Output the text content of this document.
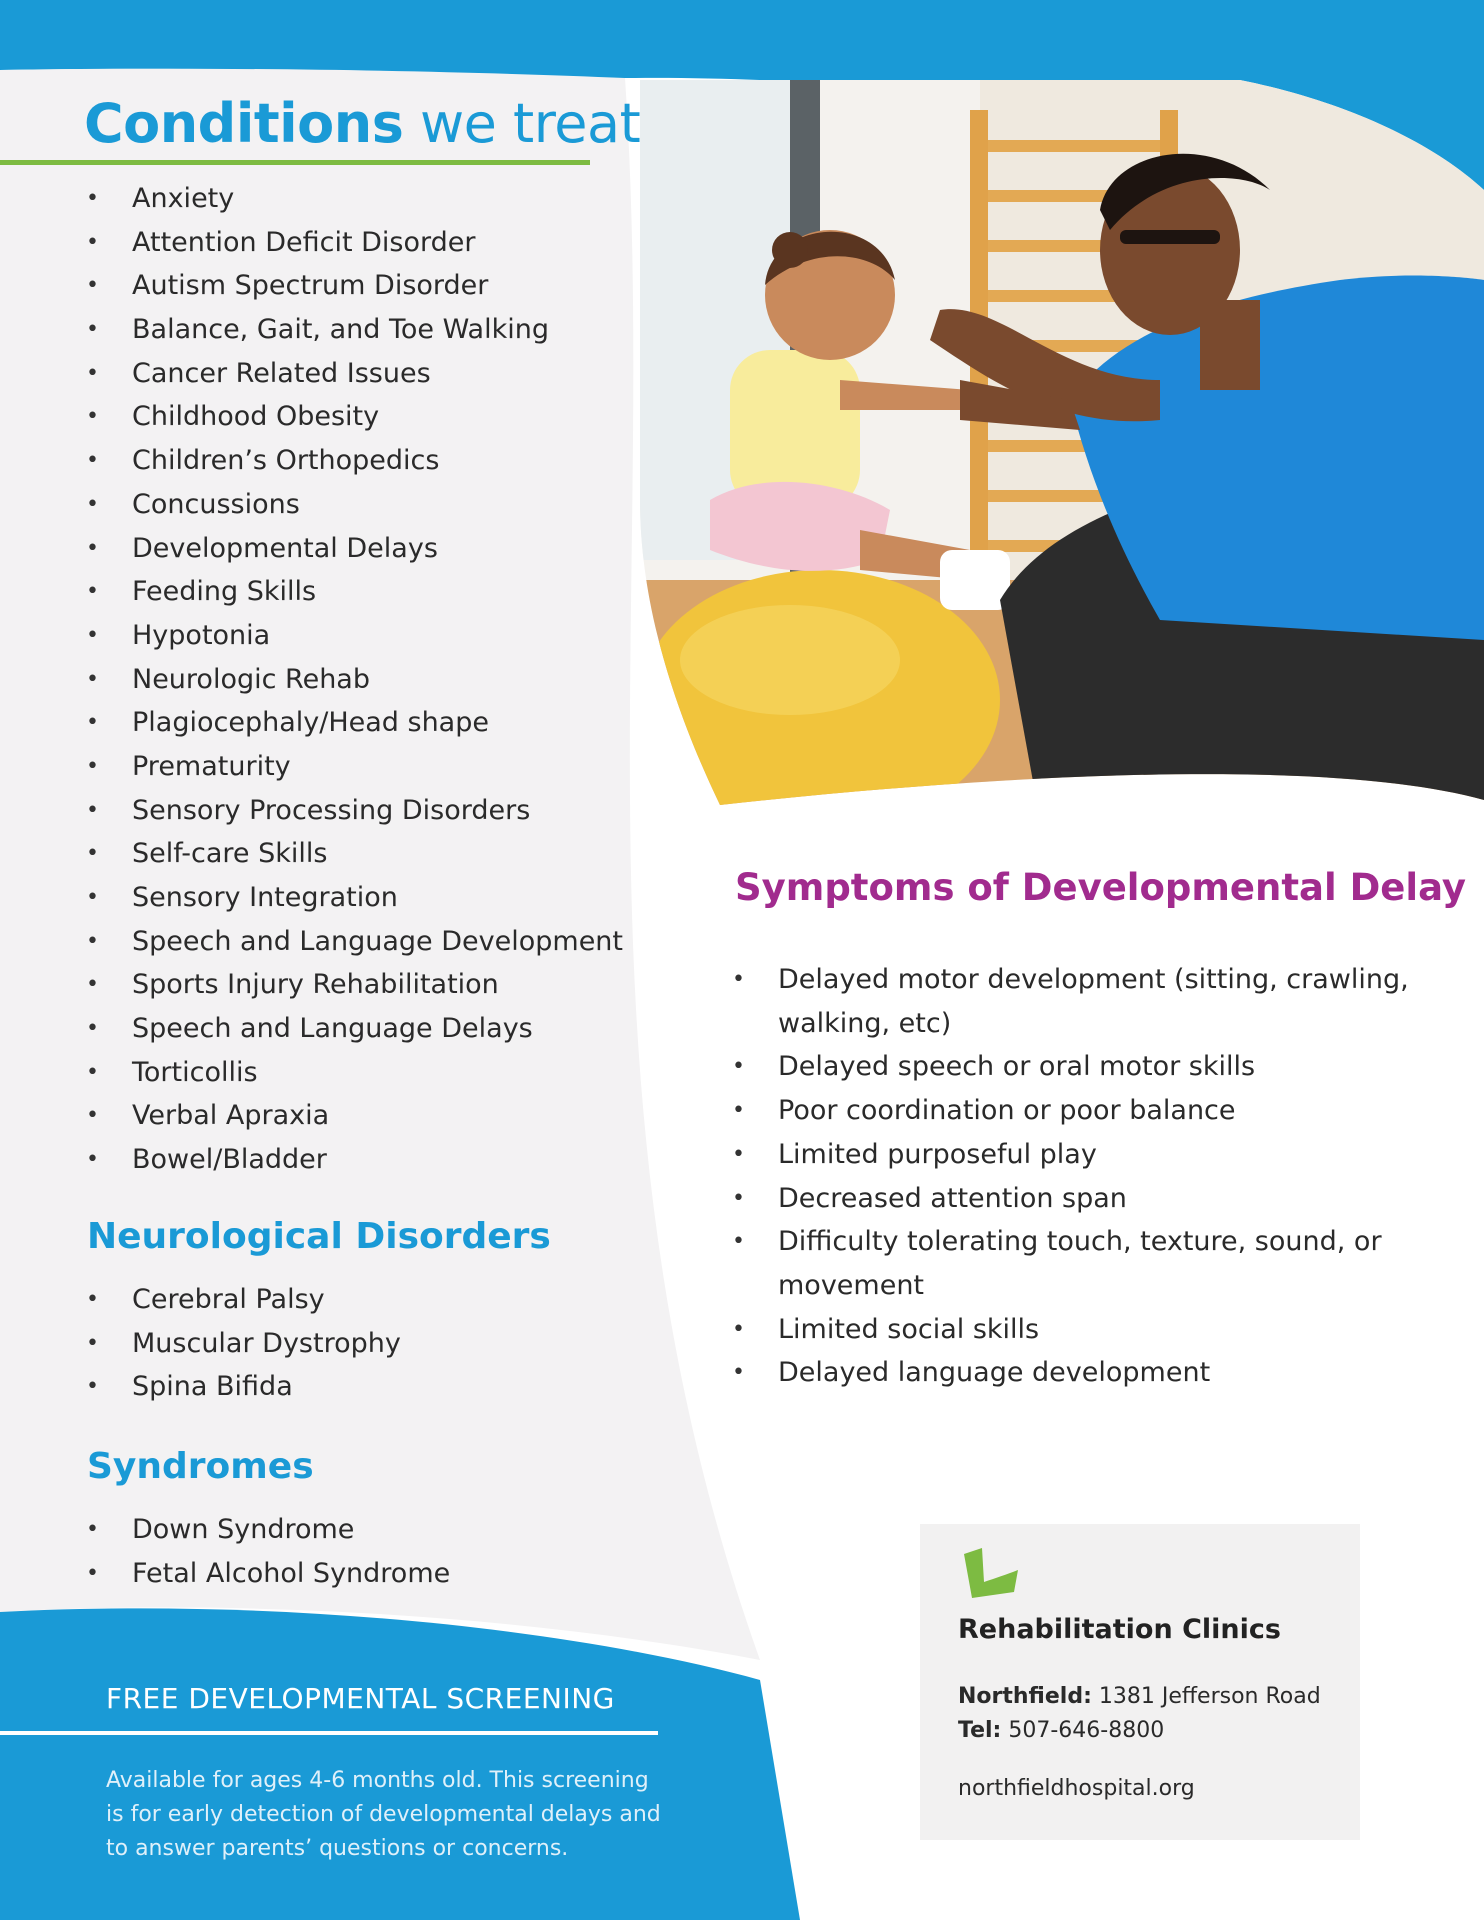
Conditions we treat
• Anxiety
• Attention Deficit Disorder
• Autism Spectrum Disorder
• Balance, Gait, and Toe Walking
• Cancer Related Issues
• Childhood Obesity
• Children’s Orthopedics
• Concussions
• Developmental Delays
• Feeding Skills
• Hypotonia
• Neurologic Rehab
• Plagiocephaly/Head shape
• Prematurity
• Sensory Processing Disorders
• Self-care Skills
• Sensory Integration
• Speech and Language Development
• Sports Injury Rehabilitation
• Speech and Language Delays
• Torticollis
• Verbal Apraxia
• Bowel/Bladder
Neurological Disorders
• Cerebral Palsy
• Muscular Dystrophy
• Spina Bifida
Syndromes
• Down Syndrome
• Fetal Alcohol Syndrome
Symptoms of Developmental Delay
• Delayed motor development (sitting, crawling, walking, etc)
• Delayed speech or oral motor skills
• Poor coordination or poor balance
• Limited purposeful play
• Decreased attention span
• Difficulty tolerating touch, texture, sound, or movement
• Limited social skills
• Delayed language development
FREE DEVELOPMENTAL SCREENING

Available for ages 4-6 months old. This screening is for early detection of developmental delays and to answer parents’ questions or concerns.

Rehabilitation Clinics

Northfield: 1381 Jefferson Road
Tel: 507-646-8800
northfieldhospital.org
